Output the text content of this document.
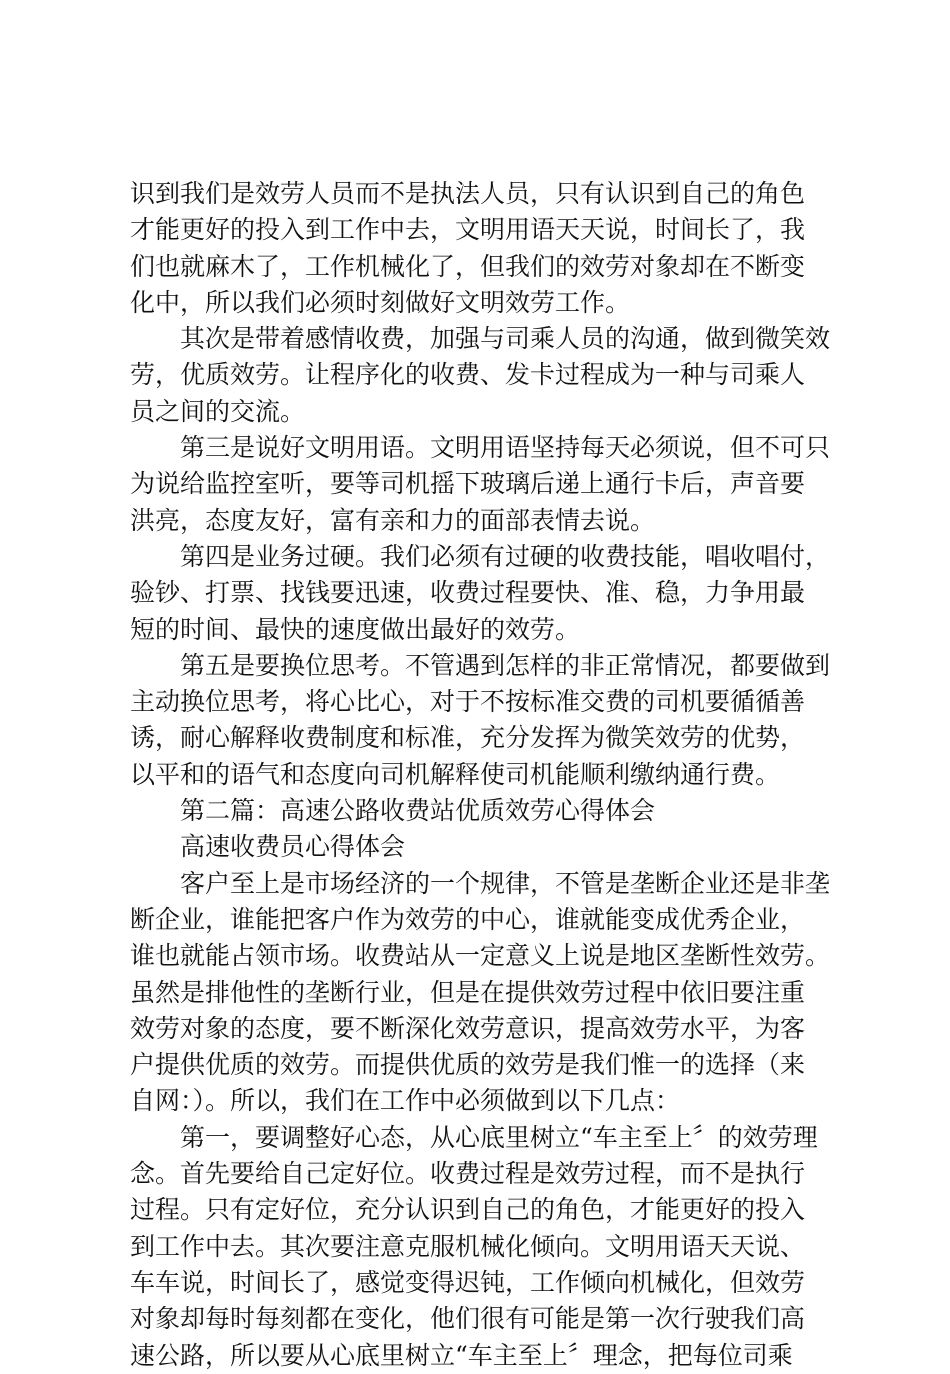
识到我们是效劳人员而不是执法人员，只有认识到自己的角色
才能更好的投入到工作中去，文明用语天天说，时间长了，我
们也就麻木了，工作机械化了，但我们的效劳对象却在不断变
化中，所以我们必须时刻做好文明效劳工作。
其次是带着感情收费，加强与司乘人员的沟通，做到微笑效
劳，优质效劳。让程序化的收费、发卡过程成为一种与司乘人
员之间的交流。
第三是说好文明用语。文明用语坚持每天必须说，但不可只
为说给监控室听，要等司机摇下玻璃后递上通行卡后，声音要
洪亮，态度友好，富有亲和力的面部表情去说。
第四是业务过硬。我们必须有过硬的收费技能，唱收唱付，
验钞、打票、找钱要迅速，收费过程要快、准、稳，力争用最
短的时间、最快的速度做出最好的效劳。
第五是要换位思考。不管遇到怎样的非正常情况，都要做到
主动换位思考，将心比心，对于不按标准交费的司机要循循善
诱，耐心解释收费制度和标准，充分发挥为微笑效劳的优势，
以平和的语气和态度向司机解释使司机能顺利缴纳通行费。
第二篇：高速公路收费站优质效劳心得体会
高速收费员心得体会
客户至上是市场经济的一个规律，不管是垄断企业还是非垄
断企业，谁能把客户作为效劳的中心，谁就能变成优秀企业，
谁也就能占领市场。收费站从一定意义上说是地区垄断性效劳。
虽然是排他性的垄断行业，但是在提供效劳过程中依旧要注重
效劳对象的态度，要不断深化效劳意识，提高效劳水平，为客
户提供优质的效劳。而提供优质的效劳是我们惟一的选择（来
自网：）。所以，我们在工作中必须做到以下几点：
第一，要调整好心态，从心底里树立“车主至上〞的效劳理
念。首先要给自己定好位。收费过程是效劳过程，而不是执行
过程。只有定好位，充分认识到自己的角色，才能更好的投入
到工作中去。其次要注意克服机械化倾向。文明用语天天说、
车车说，时间长了，感觉变得迟钝，工作倾向机械化，但效劳
对象却每时每刻都在变化，他们很有可能是第一次行驶我们高
速公路，所以要从心底里树立“车主至上〞理念，把每位司乘
